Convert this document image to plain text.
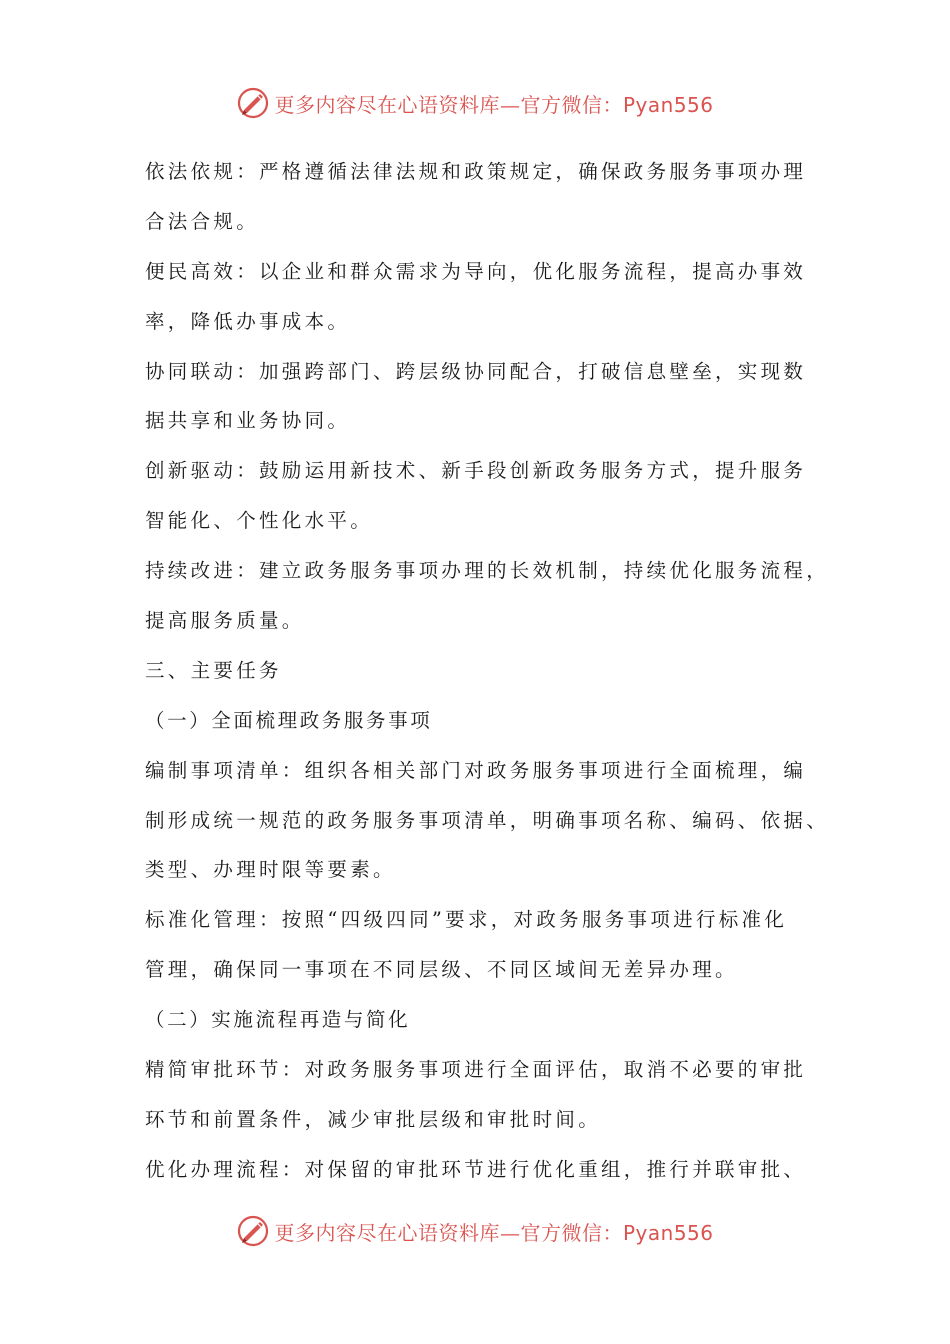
更多内容尽在心语资料库—官方微信：Pyan556
依法依规：严格遵循法律法规和政策规定，确保政务服务事项办理
合法合规。
便民高效：以企业和群众需求为导向，优化服务流程，提高办事效
率，降低办事成本。
协同联动：加强跨部门、跨层级协同配合，打破信息壁垒，实现数
据共享和业务协同。
创新驱动：鼓励运用新技术、新手段创新政务服务方式，提升服务
智能化、个性化水平。
持续改进：建立政务服务事项办理的长效机制，持续优化服务流程，
提高服务质量。
三、主要任务
（一）全面梳理政务服务事项
编制事项清单：组织各相关部门对政务服务事项进行全面梳理，编
制形成统一规范的政务服务事项清单，明确事项名称、编码、依据、
类型、办理时限等要素。
标准化管理：按照“四级四同”要求，对政务服务事项进行标准化
管理，确保同一事项在不同层级、不同区域间无差异办理。
（二）实施流程再造与简化
精简审批环节：对政务服务事项进行全面评估，取消不必要的审批
环节和前置条件，减少审批层级和审批时间。
优化办理流程：对保留的审批环节进行优化重组，推行并联审批、
更多内容尽在心语资料库—官方微信：Pyan556
